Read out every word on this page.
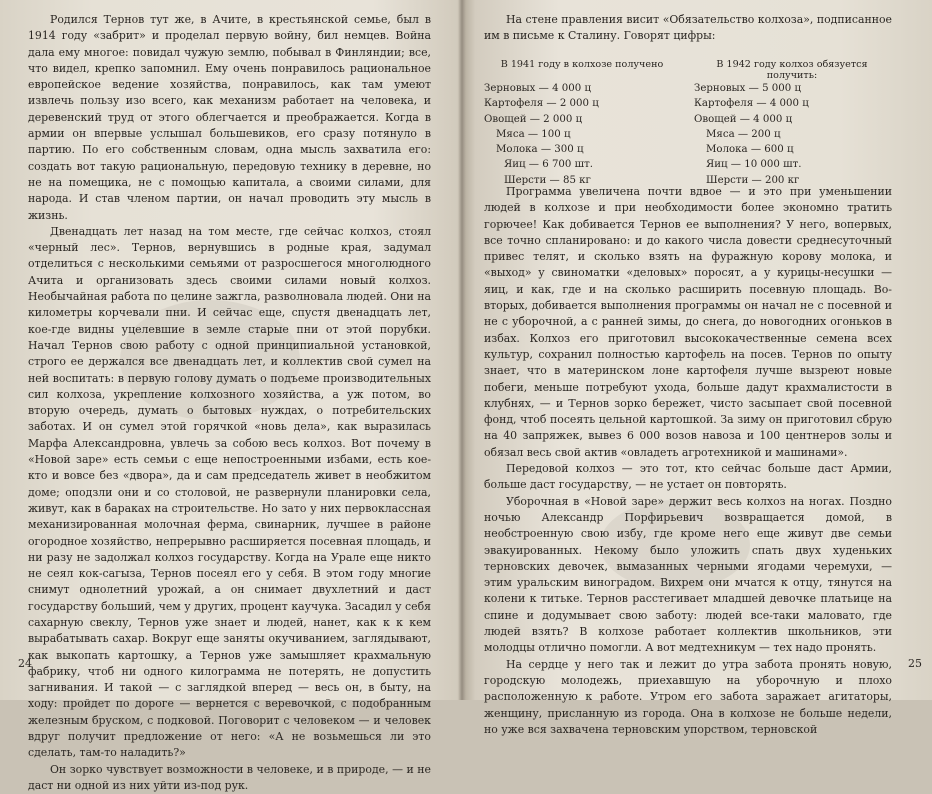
Родился Тернов тут же, в Ачите, в крестьянской семье, был в 1914 году «забрит» и проделал первую войну, бил немцев. Война дала ему многое: повидал чужую землю, побывал в Финляндии; все, что видел, крепко запомнил. Ему очень понравилось рациональное европейское ведение хозяйства, понравилось, как там умеют извлечь пользу изо всего, как механизм работает на человека, и деревенский труд от этого облегчается и преображается. Когда в армии он впервые услышал большевиков, его сразу потянуло в партию. По его собственным словам, одна мысль захватила его: создать вот такую рациональную, передовую технику в деревне, но не на помещика, не с помощью капитала, а своими силами, для народа. И став членом партии, он начал проводить эту мысль в жизнь.

Двенадцать лет назад на том месте, где сейчас колхоз, стоял «черный лес». Тернов, вернувшись в родные края, задумал отделиться с несколькими семьями от разросшегося многолюдного Ачита и организовать здесь своими силами новый колхоз. Необычайная работа по целине зажгла, разволновала людей. Они на километры корчевали пни. И сейчас еще, спустя двенадцать лет, кое-где видны уцелевшие в земле старые пни от этой порубки. Начал Тернов свою работу с одной принципиальной установкой, строго ее держался все двенадцать лет, и коллектив свой сумел на ней воспитать: в первую голову думать о подъеме производительных сил колхоза, укрепление колхозного хозяйства, а уж потом, во вторую очередь, думать о бытовых нуждах, о потребительских заботах. И он сумел этой горячкой «новь дела», как выразилась Марфа Александровна, увлечь за собою весь колхоз. Вот почему в «Новой заре» есть семьи с еще непостроенными избами, есть кое-кто и вовсе без «двора», да и сам председатель живет в необжитом доме; оподзли они и со столовой, не развернули планировки села, живут, как в бараках на строительстве. Но зато у них первоклассная механизированная молочная ферма, свинарник, лучшее в районе огородное хозяйство, непрерывно расширяется посевная площадь, и ни разу не задолжал колхоз государству. Когда на Урале еще никто не сеял кок-сагыза, Тернов посеял его у себя. В этом году многие снимут однолетний урожай, а он снимает двухлетний и даст государству больший, чем у других, процент каучука. Засадил у себя сахарную свеклу, Тернов уже знает и людей, нанет, как к к кем вырабатывать сахар. Вокруг еще заняты окучиванием, заглядывают, как выкопать картошку, а Тернов уже замышляет крахмальную фабрику, чтоб ни одного килограмма не потерять, не допустить загнивания. И такой — с заглядкой вперед — весь он, в быту, на ходу: пройдет по дороге — вернется с веревочкой, с подобранным железным бруском, с подковой. Поговорит с человеком — и человек вдруг получит предложение от него: «А не возьмешься ли это сделать, там-то наладить?»

Он зорко чувствует возможности в человеке, и в природе, — и не даст ни одной из них уйти из-под рук.

24

На стене правления висит «Обязательство колхоза», подписанное им в письме к Сталину. Говорят цифры:

В 1941 году в колхозе получено
Зерновых — 4 000 ц
Картофеля — 2 000 ц
Овощей — 2 000 ц
Мяса — 100 ц
Молока — 300 ц
Яиц — 6 700 шт.
Шерсти — 85 кг
В 1942 году колхоз обязуется получить:
Зерновых — 5 000 ц
Картофеля — 4 000 ц
Овощей — 4 000 ц
Мяса — 200 ц
Молока — 600 ц
Яиц — 10 000 шт.
Шерсти — 200 кг

Программа увеличена почти вдвое — и это при уменьшении людей в колхозе и при необходимости более экономно тратить горючее! Как добивается Тернов ее выполнения? У него, вопервых, все точно спланировано: и до какого числа довести среднесуточный привес телят, и сколько взять на фуражную корову молока, и «выход» у свиноматки «деловых» поросят, а у курицы-несушки — яиц, и как, где и на сколько расширить посевную площадь. Во-вторых, добивается выполнения программы он начал не с посевной и не с уборочной, а с ранней зимы, до снега, до новогодних огоньков в избах. Колхоз его приготовил высококачественные семена всех культур, сохранил полностью картофель на посев. Тернов по опыту знает, что в материнском лоне картофеля лучше вызреют новые побеги, меньше потребуют ухода, больше дадут крахмалистости в клубнях, — и Тернов зорко бережет, чисто засыпает свой посевной фонд, чтоб посеять цельной картошкой. За зиму он приготовил сбрую на 40 запряжек, вывез 6 000 возов навоза и 100 центнеров золы и обязал весь свой актив «овладеть агротехникой и машинами».

Передовой колхоз — это тот, кто сейчас больше даст Армии, больше даст государству, — не устает он повторять.

Уборочная в «Новой заре» держит весь колхоз на ногах. Поздно ночью Александр Порфирьевич возвращается домой, в необстроенную свою избу, где кроме него еще живут две семьи эвакуированных. Некому было уложить спать двух худеньких терновских девочек, вымазанных черными ягодами черемухи, — этим уральским виноградом. Вихрем они мчатся к отцу, тянутся на колени к титьке. Тернов расстегивает младшей девочке платьице на спине и додумывает свою заботу: людей все-таки маловато, где людей взять? В колхозе работает коллектив школьников, эти молодцы отлично помогли. А вот медтехникум — тех надо пронять.

На сердце у него так и лежит до утра забота пронять новую, городскую молодежь, приехавшую на уборочную и плохо расположенную к работе. Утром его забота заражает агитаторы, женщину, присланную из города. Она в колхозе не больше недели, но уже вся захвачена терновским упорством, терновской

25
